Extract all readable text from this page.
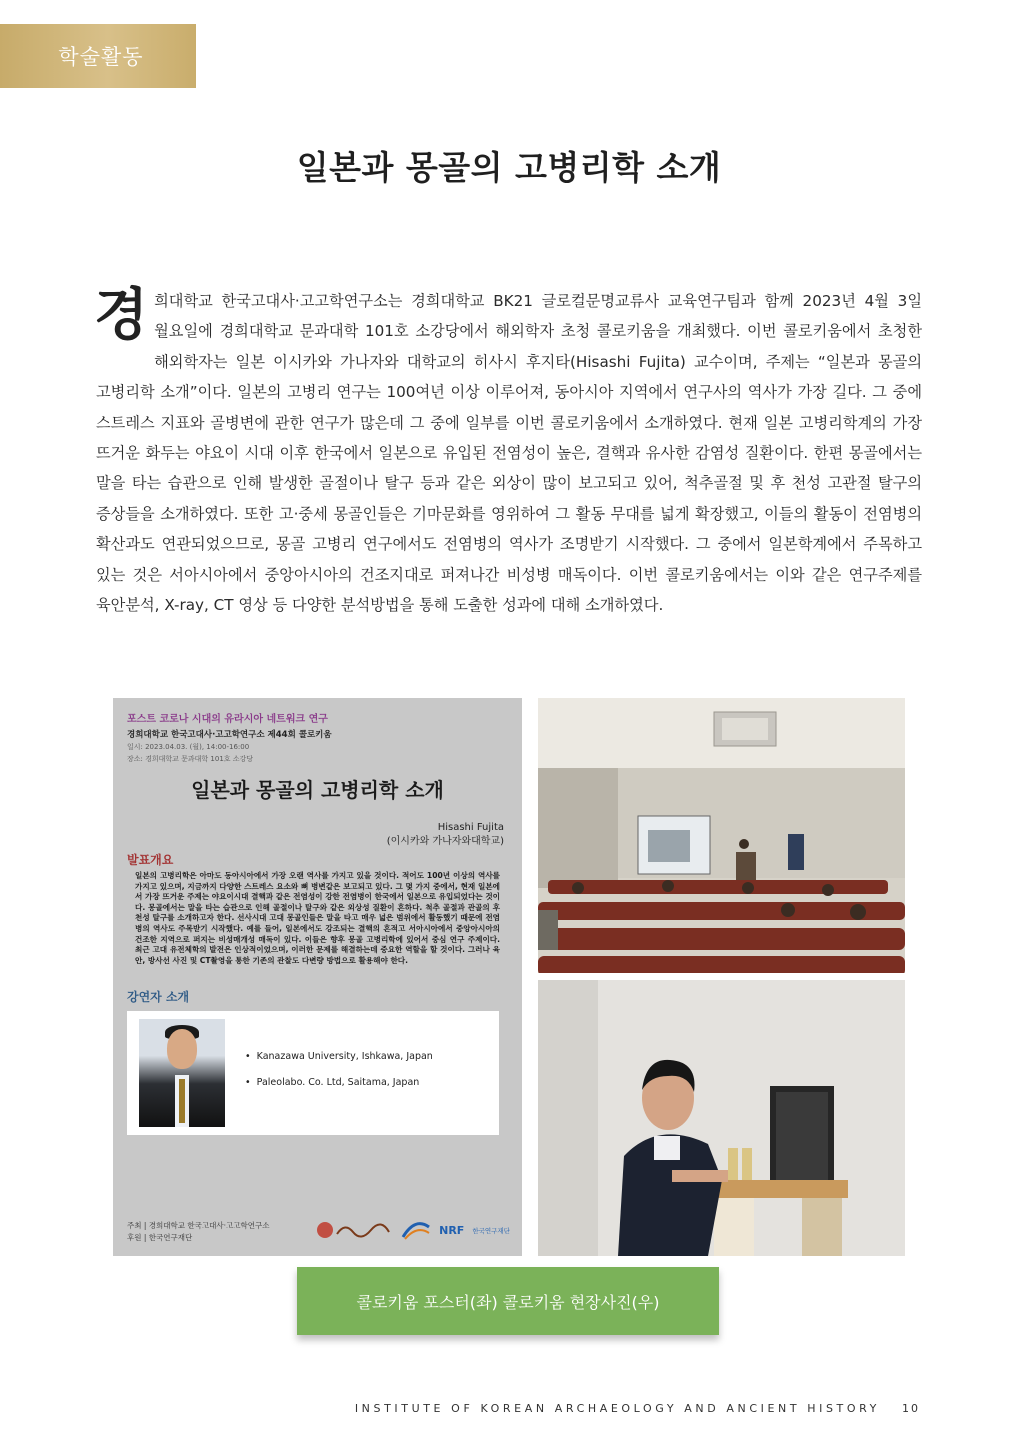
학술활동
일본과 몽골의 고병리학 소개
경희대학교 한국고대사·고고학연구소는 경희대학교 BK21 글로컬문명교류사 교육연구팀과 함께 2023년 4월 3일 월요일에 경희대학교 문과대학 101호 소강당에서 해외학자 초청 콜로키움을 개최했다. 이번 콜로키움에서 초청한 해외학자는 일본 이시카와 가나자와 대학교의 히사시 후지타(Hisashi Fujita) 교수이며, 주제는 “일본과 몽골의 고병리학 소개”이다. 일본의 고병리 연구는 100여년 이상 이루어져, 동아시아 지역에서 연구사의 역사가 가장 길다. 그 중에 스트레스 지표와 골병변에 관한 연구가 많은데 그 중에 일부를 이번 콜로키움에서 소개하였다. 현재 일본 고병리학계의 가장 뜨거운 화두는 야요이 시대 이후 한국에서 일본으로 유입된 전염성이 높은, 결핵과 유사한 감염성 질환이다. 한편 몽골에서는 말을 타는 습관으로 인해 발생한 골절이나 탈구 등과 같은 외상이 많이 보고되고 있어, 척추골절 및 후 천성 고관절 탈구의 증상들을 소개하였다. 또한 고·중세 몽골인들은 기마문화를 영위하여 그 활동 무대를 넓게 확장했고, 이들의 활동이 전염병의 확산과도 연관되었으므로, 몽골 고병리 연구에서도 전염병의 역사가 조명받기 시작했다. 그 중에서 일본학계에서 주목하고 있는 것은 서아시아에서 중앙아시아의 건조지대로 퍼져나간 비성병 매독이다. 이번 콜로키움에서는 이와 같은 연구주제를 육안분석, X-ray, CT 영상 등 다양한 분석방법을 통해 도출한 성과에 대해 소개하였다.
포스트 코로나 시대의 유라시아 네트워크 연구
경희대학교 한국고대사·고고학연구소 제44회 콜로키움
일시: 2023.04.03. (월), 14:00-16:00
장소: 경희대학교 문과대학 101호 소강당
일본과 몽골의 고병리학 소개
Hisashi Fujita
(이시카와 가나자와대학교)
발표개요
일본의 고병리학은 아마도 동아시아에서 가장 오랜 역사를 가지고 있을 것이다. 적어도 100년 이상의 역사를 가지고 있으며, 지금까지 다양한 스트레스 요소와 뼈 병변같은 보고되고 있다. 그 몇 가지 중에서, 현재 일본에서 가장 뜨거운 주제는 야요이시대 결핵과 같은 전염성이 강한 전염병이 한국에서 일본으로 유입되었다는 것이다. 몽골에서는 말을 타는 습관으로 인해 골절이나 탈구와 같은 외상성 질환이 흔하다. 척추 골절과 관골의 후천성 탈구를 소개하고자 한다. 선사시대 고대 몽골인들은 말을 타고 매우 넓은 범위에서 활동했기 때문에 전염병의 역사도 주목받기 시작했다. 예를 들어, 일본에서도 강조되는 결핵의 흔적고 서아시아에서 중앙아시아의 건조한 지역으로 퍼지는 비성매개성 매독이 있다. 이들은 향후 몽골 고병리학에 있어서 중심 연구 주제이다. 최근 고대 유전체학의 발전은 인상적이었으며, 이러한 문제를 해결하는데 중요한 역할을 할 것이다. 그러나 육안, 방사선 사진 및 CT촬영을 통한 기존의 관찰도 다변량 방법으로 활용해야 한다.
강연자 소개
•  Kanazawa University, Ishkawa, Japan
•  Paleolabo. Co. Ltd, Saitama, Japan
주최 | 경희대학교 한국고대사·고고학연구소
후원 | 한국연구재단
NRF 한국연구재단
콜로키움 포스터(좌) 콜로키움 현장사진(우)
INSTITUTE OF KOREAN ARCHAEOLOGY AND ANCIENT HISTORY 10
